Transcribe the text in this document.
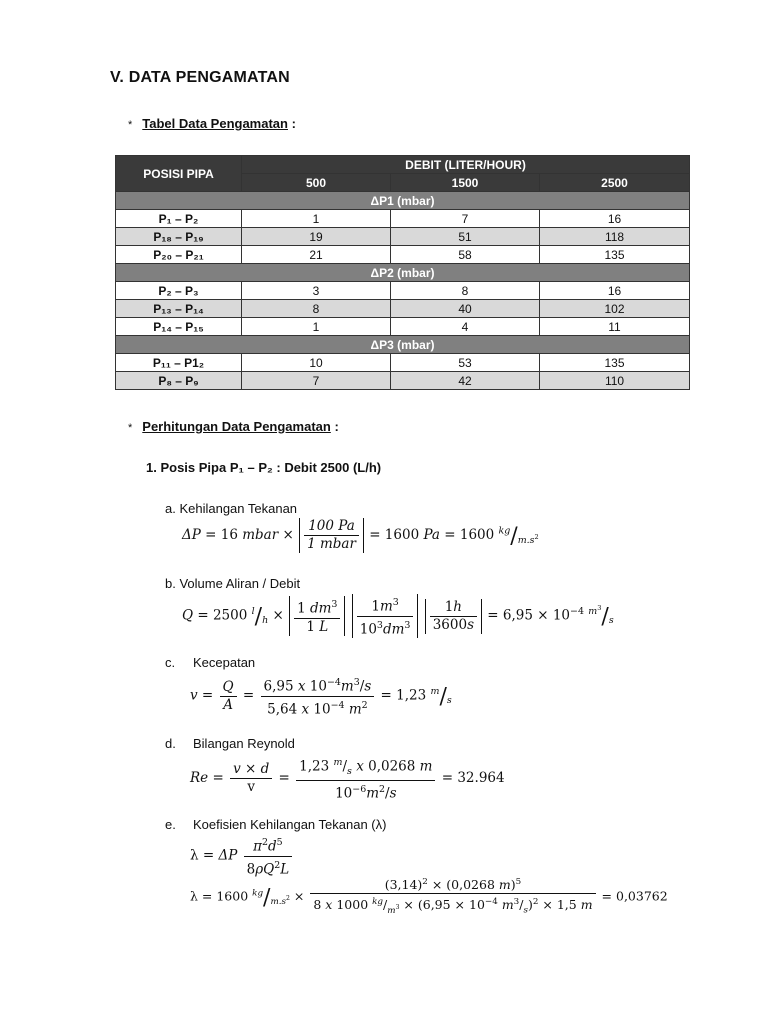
V. DATA PENGAMATAN
* Tabel Data Pengamatan :
POSISI PIPA	DEBIT (LITER/HOUR)		
	500	1500	2500
ΔP1 (mbar)			
P₁ – P₂	1	7	16
P₁₈ – P₁₉	19	51	118
P₂₀ – P₂₁	21	58	135
ΔP2 (mbar)			
P₂ – P₃	3	8	16
P₁₃ – P₁₄	8	40	102
P₁₄ – P₁₅	1	4	11
ΔP3 (mbar)			
P₁₁ – P1₂	10	53	135
P₈ – P₉	7	42	110
* Perhitungan Data Pengamatan :
1. Posis Pipa P₁ – P₂ : Debit 2500 (L/h)
a. Kehilangan Tekanan
ΔP = 16 mbar × $\frac{100 Pa}{\text{1 mbar}} = 1600$ Pa = 1600 $^{kg}/_{m.s^2}$
b. Volume Aliran / Debit
Q = 2500 $^l/_h \times \frac{1 dm^3}{1 L}$
$\frac{1m^3}{10^3dm^3}$
$\frac{1h}{3600s} = 6,95 \times 10^{-4}$ $^{m^3}/_s$
c. Kecepatan
$v = \frac{Q}{A} = \frac{6,95 x 10^{-4}m^3/s}{5,64 x 10^{-4} m^2} = 1,23$ $^m/_s$
d. Bilangan Reynold
$Re = \frac{v \times d}{v} = \frac{1,23 ^m/_s x 0,0268 m}{10^{-6}m^2/s} = 32.964$
e. Koefisien Kehilangan Tekanan (λ)
λ = ΔP $\frac{\pi^2d^5}{8\rho Q^2L}$
λ = 1600 $^{kg}/_{m.s^2} \times \frac{(3,14)^2 \times (0,0268 m)^5}{8 x 1000 ^{kg}/_{m^3} \times (6,95 \times 10^{-4} m^3/_s)^2 \times 1,5 m} = 0,03762$
